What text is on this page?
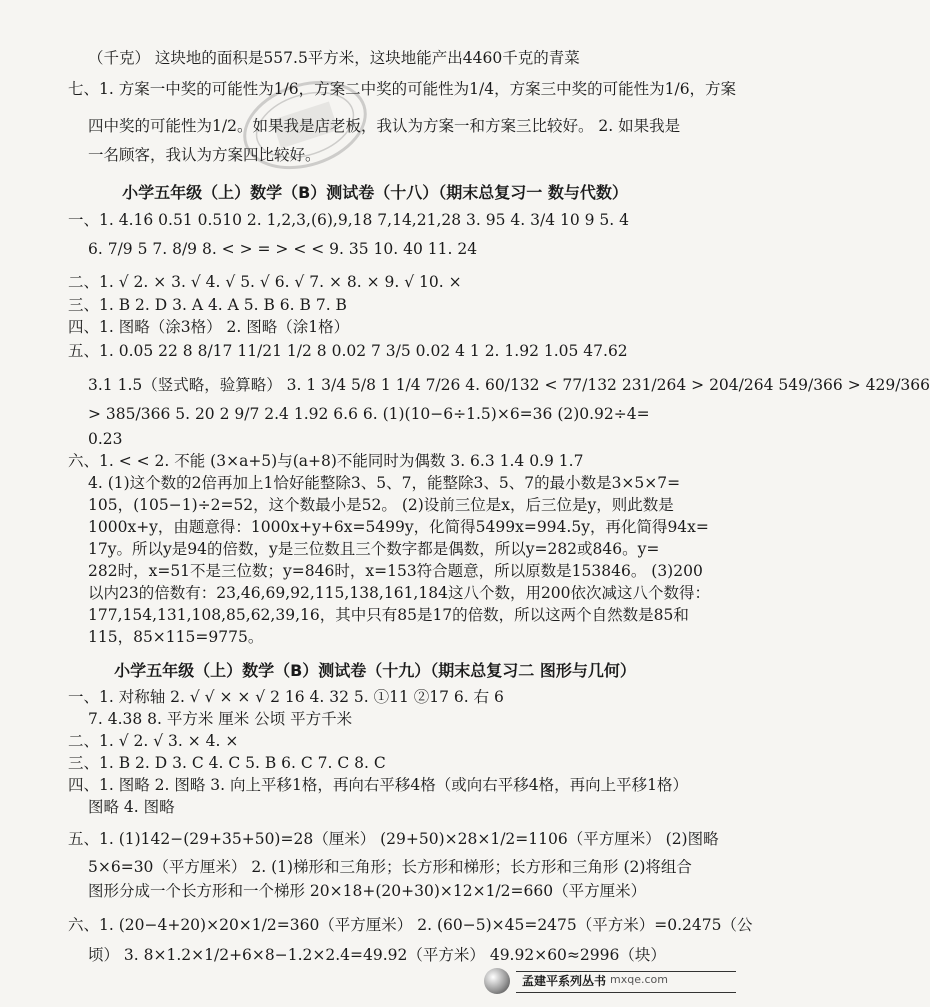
（千克） 这块地的面积是557.5平方米，这块地能产出4460千克的青菜
七、1. 方案一中奖的可能性为1/6，方案二中奖的可能性为1/4，方案三中奖的可能性为1/6，方案
四中奖的可能性为1/2。如果我是店老板，我认为方案一和方案三比较好。 2. 如果我是
一名顾客，我认为方案四比较好。
小学五年级（上）数学（B）测试卷（十八）（期末总复习一 数与代数）
一、1. 4.16̇ 0.51 0.510 2. 1,2,3,(6),9,18 7,14,21,28 3. 95 4. 3/4 10 9 5. 4
6. 7/9 5 7. 8/9 8. < > = > < < 9. 35 10. 40 11. 24
二、1. √ 2. × 3. √ 4. √ 5. √ 6. √ 7. × 8. × 9. √ 10. ×
三、1. B 2. D 3. A 4. A 5. B 6. B 7. B
四、1. 图略（涂3格） 2. 图略（涂1格）
五、1. 0.05 22 8 8/17 11/21 1/2 8 0.02 7 3/5 0.02 4 1 2. 1.92 1.05 47.62
3.1 1.5（竖式略，验算略） 3. 1 3/4 5/8 1 1/4 7/26 4. 60/132 < 77/132 231/264 > 204/264 549/366 > 429/366
> 385/366 5. 20 2 9/7 2.4 1.92 6.6 6. (1)(10−6÷1.5)×6=36 (2)0.92÷4=
0.23
六、1. < < 2. 不能 (3×a+5)与(a+8)不能同时为偶数 3. 6.3 1.4 0.9 1.7
4. (1)这个数的2倍再加上1恰好能整除3、5、7，能整除3、5、7的最小数是3×5×7=
105，(105−1)÷2=52，这个数最小是52。 (2)设前三位是x，后三位是y，则此数是
1000x+y，由题意得：1000x+y+6x=5499y，化简得5499x=994.5y，再化简得94x=
17y。所以y是94的倍数，y是三位数且三个数字都是偶数，所以y=282或846。y=
282时，x=51不是三位数；y=846时，x=153符合题意，所以原数是153846。 (3)200
以内23的倍数有：23,46,69,92,115,138,161,184这八个数，用200依次减这八个数得：
177,154,131,108,85,62,39,16，其中只有85是17的倍数，所以这两个自然数是85和
115，85×115=9775。
小学五年级（上）数学（B）测试卷（十九）（期末总复习二 图形与几何）
一、1. 对称轴 2. √ √ × × √ 2 16 4. 32 5. ①11 ②17 6. 右 6
7. 4.38 8. 平方米 厘米 公顷 平方千米
二、1. √ 2. √ 3. × 4. ×
三、1. B 2. D 3. C 4. C 5. B 6. C 7. C 8. C
四、1. 图略 2. 图略 3. 向上平移1格，再向右平移4格（或向右平移4格，再向上平移1格）
图略 4. 图略
五、1. (1)142−(29+35+50)=28（厘米） (29+50)×28×1/2=1106（平方厘米） (2)图略
5×6=30（平方厘米） 2. (1)梯形和三角形；长方形和梯形；长方形和三角形 (2)将组合
图形分成一个长方形和一个梯形 20×18+(20+30)×12×1/2=660（平方厘米）
六、1. (20−4+20)×20×1/2=360（平方厘米） 2. (60−5)×45=2475（平方米）=0.2475（公
顷） 3. 8×1.2×1/2+6×8−1.2×2.4=49.92（平方米） 49.92×60≈2996（块）
孟建平系列丛书 mxqe.com
